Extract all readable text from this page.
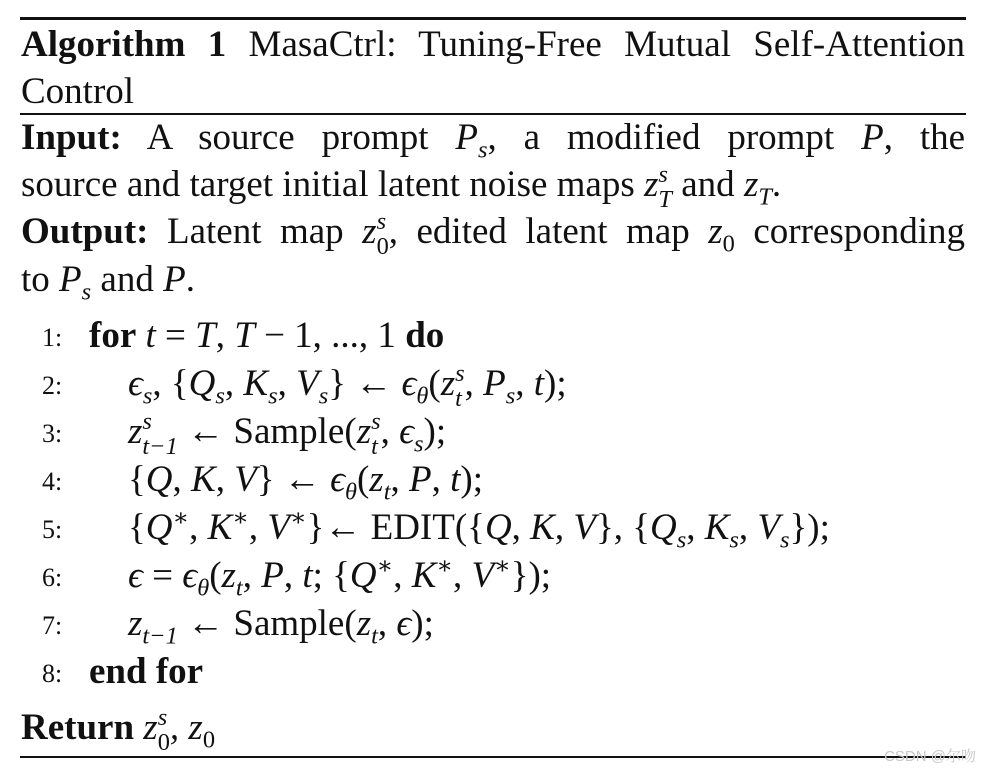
Algorithm 1 MasaCtrl: Tuning-Free Mutual Self-Attention
Control
Input: A source prompt $P_s$, a modified prompt P, the
source and target initial latent noise maps z s
T and $z_T$.
Output: Latent map z s
0 , edited latent map $z_0$ corresponding
to $P_s$ and P.
1: for t = T, T − 1, ..., 1 do
2: $\epsilon_s$, {$Q_s$, $K_s$, $V_s$} ← $\epsilon_\theta(z$ s
t , $P_s$, t);
3: z s
t−1 ← Sample(z s
t , $\epsilon_s$);
4: {Q, K, V} ← $\epsilon_\theta(z_t$, P, t);
5: {Q∗, K∗, V∗}← EDIT({Q, K, V}, {$Q_s$, $K_s$, $V_s$});
6: $\epsilon = \epsilon_\theta(z_t$, P, t; {Q∗, K∗, V∗});
7: $z_{t-1}$ ← $Sample(z_t$, ϵ);
8: end for
Return z s
0 , $z_0$
CSDN @尔吻
